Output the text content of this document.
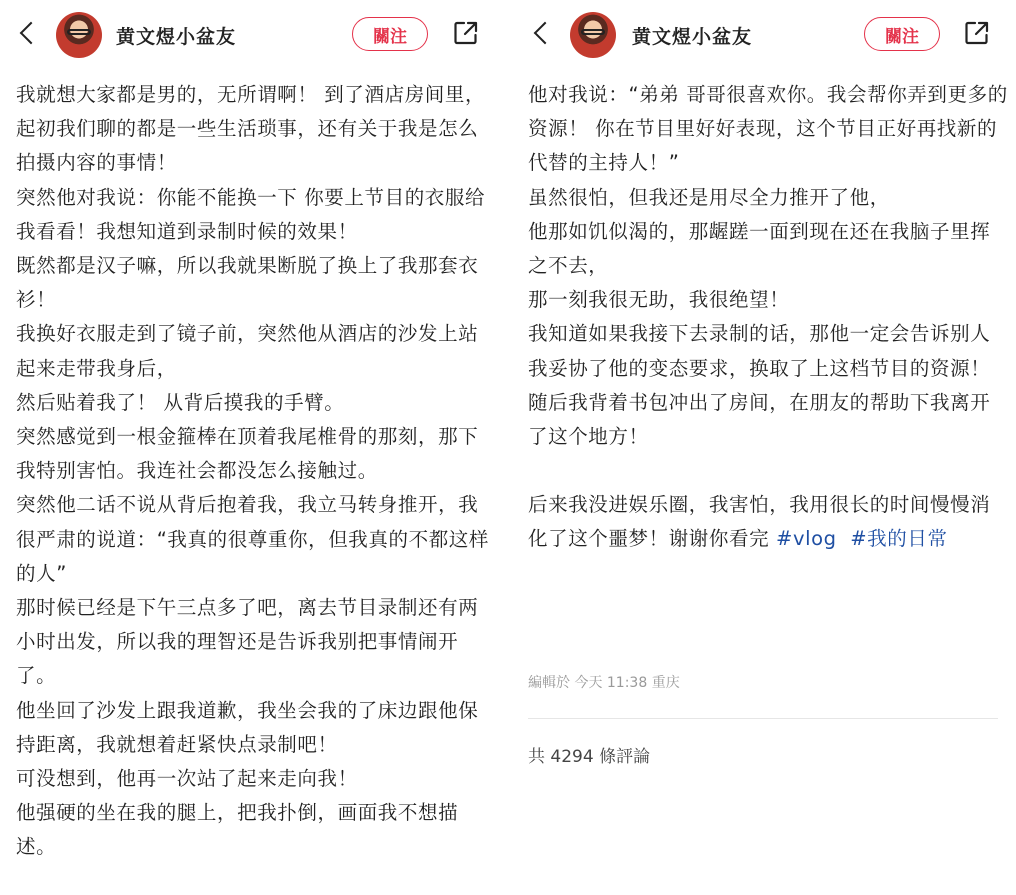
黄文煜小盆友	關注

我就想大家都是男的，无所谓啊！ 到了酒店房间里，起初我们聊的都是一些生活琐事，还有关于我是怎么拍摄内容的事情！

突然他对我说：你能不能换一下 你要上节目的衣服给我看看！我想知道到录制时候的效果！

既然都是汉子嘛，所以我就果断脱了换上了我那套衣衫！

我换好衣服走到了镜子前，突然他从酒店的沙发上站起来走带我身后，

然后贴着我了！ 从背后摸我的手臂。

突然感觉到一根金箍棒在顶着我尾椎骨的那刻，那下我特别害怕。我连社会都没怎么接触过。

突然他二话不说从背后抱着我，我立马转身推开，我很严肃的说道：“我真的很尊重你，但我真的不都这样的人”

那时候已经是下午三点多了吧，离去节目录制还有两小时出发，所以我的理智还是告诉我别把事情闹开了。

他坐回了沙发上跟我道歉，我坐会我的了床边跟他保持距离，我就想着赶紧快点录制吧！

可没想到，他再一次站了起来走向我！

他强硬的坐在我的腿上，把我扑倒，画面我不想描述。

黄文煜小盆友	關注

他对我说：“弟弟 哥哥很喜欢你。我会帮你弄到更多的资源！ 你在节目里好好表现，这个节目正好再找新的代替的主持人！”

虽然很怕，但我还是用尽全力推开了他，

他那如饥似渴的，那龌蹉一面到现在还在我脑子里挥之不去，

那一刻我很无助，我很绝望！

我知道如果我接下去录制的话，那他一定会告诉别人我妥协了他的变态要求，换取了上这档节目的资源！

随后我背着书包冲出了房间，在朋友的帮助下我离开了这个地方！

后来我没进娱乐圈，我害怕，我用很长的时间慢慢消化了这个噩梦！谢谢你看完 #vlog #我的日常

編輯於 今天 11:38 重庆
共 4294 條評論
